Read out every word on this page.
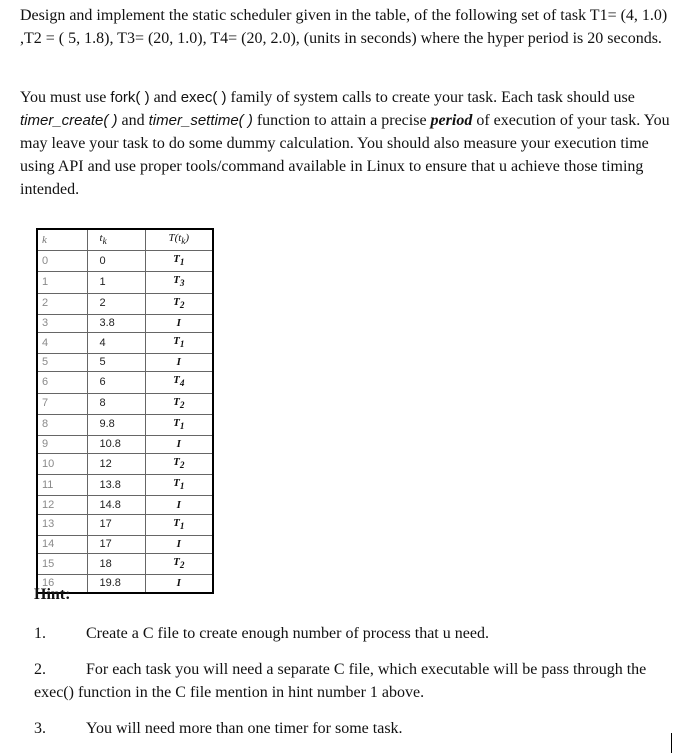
Design and implement the static scheduler given in the table, of the following set of task T1= (4, 1.0) ,T2 = ( 5, 1.8), T3= (20, 1.0), T4= (20, 2.0), (units in seconds) where the hyper period is 20 seconds.

You must use fork( ) and exec( ) family of system calls to create your task. Each task should use timer_create( ) and timer_settime( ) function to attain a precise period of execution of your task. You may leave your task to do some dummy calculation. You should also measure your execution time using API and use proper tools/command available in Linux to ensure that u achieve those timing intended.

k	$t_k$	$T(t_k)$
0	0	$T_1$
1	1	$T_3$
2	2	$T_2$
3	3.8	I
4	4	$T_1$
5	5	I
6	6	$T_4$
7	8	$T_2$
8	9.8	$T_1$
9	10.8	I
10	12	$T_2$
11	13.8	$T_1$
12	14.8	I
13	17	$T_1$
14	17	I
15	18	$T_2$
16	19.8	I

Hint:

1.	Create a C file to create enough number of process that u need.

2.	For each task you will need a separate C file, which executable will be pass through the exec() function in the C file mention in hint number 1 above.

3.	You will need more than one timer for some task.
